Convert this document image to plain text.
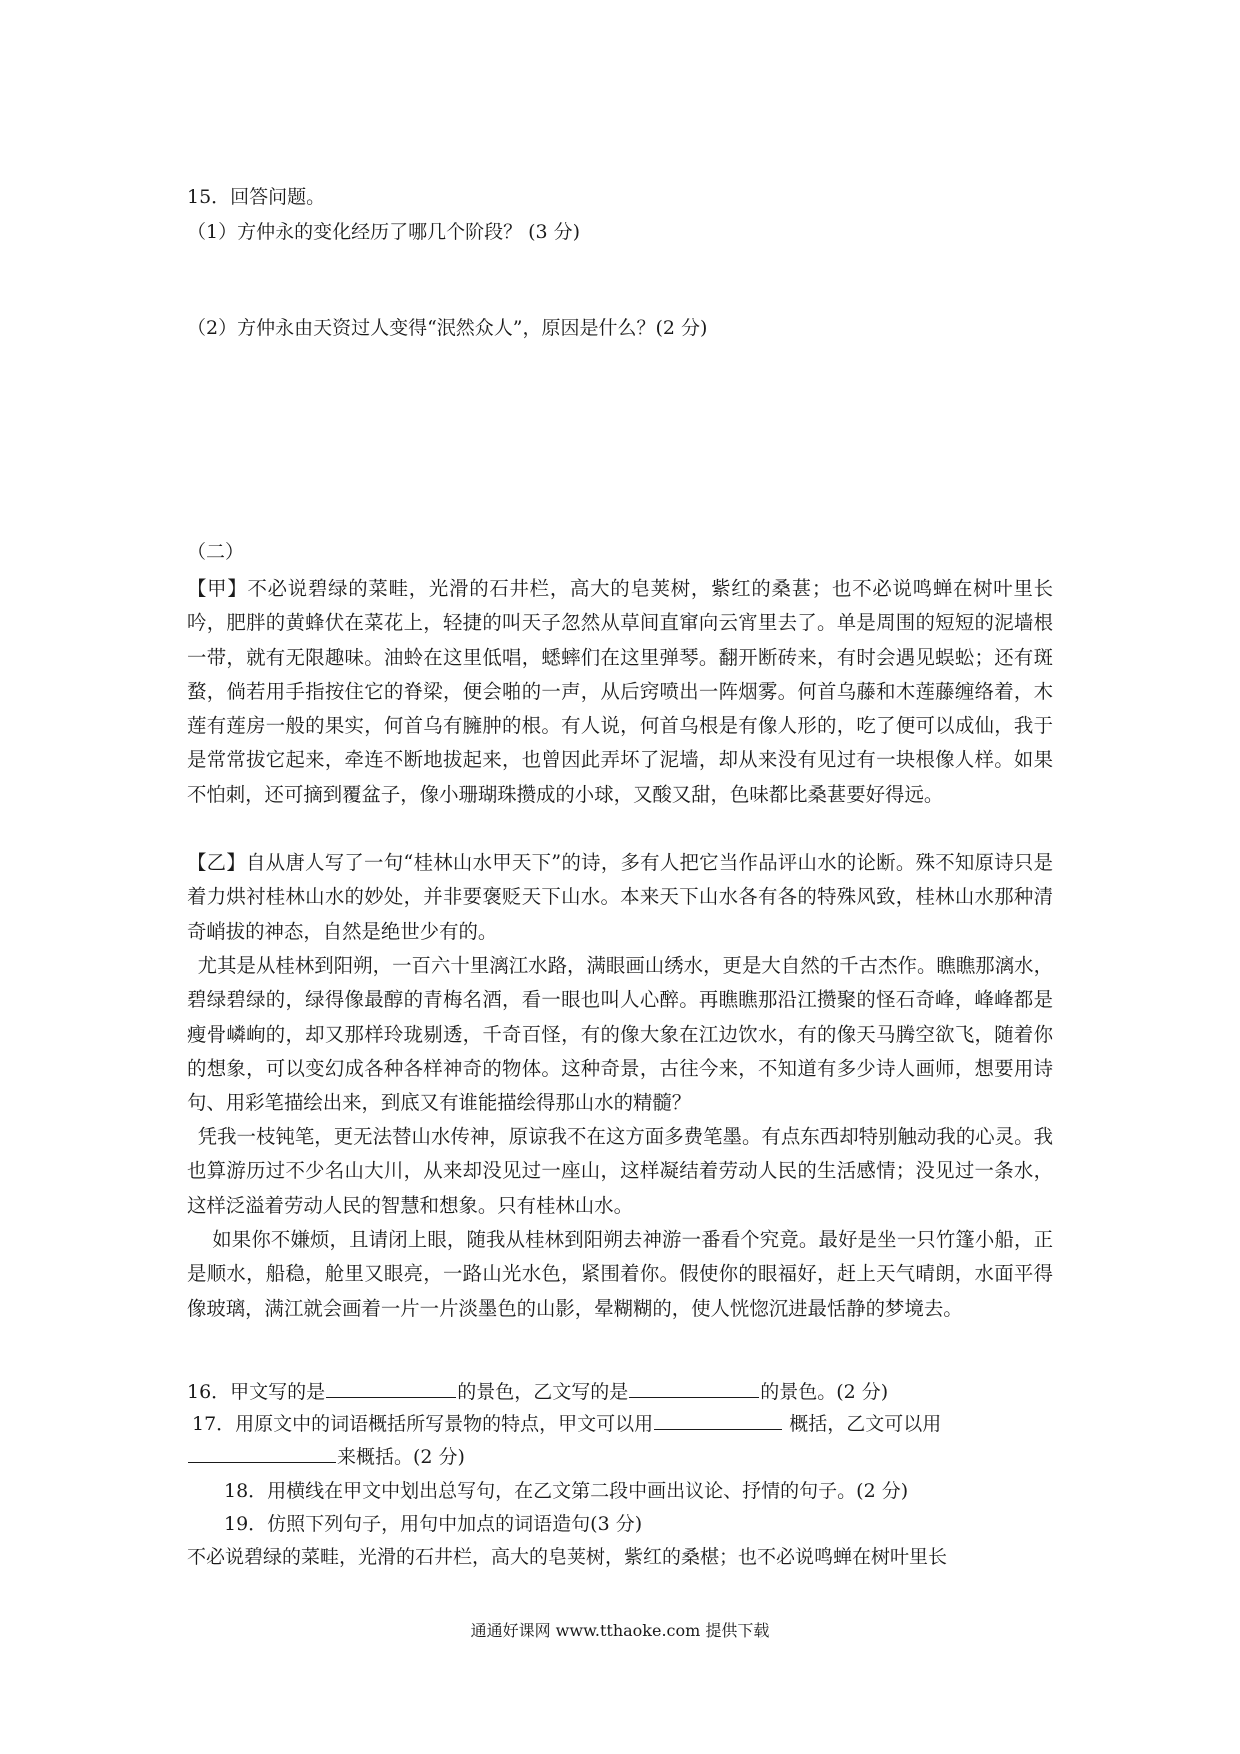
15．回答问题。
（1）方仲永的变化经历了哪几个阶段？ (3 分)
（2）方仲永由天资过人变得“泯然众人”，原因是什么？(2 分)
（二）
【甲】不必说碧绿的菜畦，光滑的石井栏，高大的皂荚树，紫红的桑葚；也不必说鸣蝉在树叶里长吟，肥胖的黄蜂伏在菜花上，轻捷的叫天子忽然从草间直窜向云宵里去了。单是周围的短短的泥墙根一带，就有无限趣味。油蛉在这里低唱，蟋蟀们在这里弹琴。翻开断砖来，有时会遇见蜈蚣；还有斑蝥，倘若用手指按住它的脊梁，便会啪的一声，从后窍喷出一阵烟雾。何首乌藤和木莲藤缠络着，木莲有莲房一般的果实，何首乌有臃肿的根。有人说，何首乌根是有像人形的，吃了便可以成仙，我于是常常拔它起来，牵连不断地拔起来，也曾因此弄坏了泥墙，却从来没有见过有一块根像人样。如果不怕刺，还可摘到覆盆子，像小珊瑚珠攒成的小球，又酸又甜，色味都比桑葚要好得远。
【乙】自从唐人写了一句“桂林山水甲天下”的诗，多有人把它当作品评山水的论断。殊不知原诗只是着力烘衬桂林山水的妙处，并非要褒贬天下山水。本来天下山水各有各的特殊风致，桂林山水那种清奇峭拔的神态，自然是绝世少有的。
尤其是从桂林到阳朔，一百六十里漓江水路，满眼画山绣水，更是大自然的千古杰作。瞧瞧那漓水，碧绿碧绿的，绿得像最醇的青梅名酒，看一眼也叫人心醉。再瞧瞧那沿江攒聚的怪石奇峰，峰峰都是瘦骨嶙峋的，却又那样玲珑剔透，千奇百怪，有的像大象在江边饮水，有的像天马腾空欲飞，随着你的想象，可以变幻成各种各样神奇的物体。这种奇景，古往今来，不知道有多少诗人画师，想要用诗句、用彩笔描绘出来，到底又有谁能描绘得那山水的精髓？
凭我一枝钝笔，更无法替山水传神，原谅我不在这方面多费笔墨。有点东西却特别触动我的心灵。我也算游历过不少名山大川，从来却没见过一座山，这样凝结着劳动人民的生活感情；没见过一条水，这样泛溢着劳动人民的智慧和想象。只有桂林山水。
如果你不嫌烦，且请闭上眼，随我从桂林到阳朔去神游一番看个究竟。最好是坐一只竹篷小船，正是顺水，船稳，舱里又眼亮，一路山光水色，紧围着你。假使你的眼福好，赶上天气晴朗，水面平得像玻璃，满江就会画着一片一片淡墨色的山影，晕糊糊的，使人恍惚沉进最恬静的梦境去。
16．甲文写的是	的景色，乙文写的是	的景色。(2 分)
17．用原文中的词语概括所写景物的特点，甲文可以用	概括，乙文可以用
来概括。(2 分)
18．用横线在甲文中划出总写句，在乙文第二段中画出议论、抒情的句子。(2 分)
19．仿照下列句子，用句中加点的词语造句(3 分)
不必说碧绿的菜畦，光滑的石井栏，高大的皂荚树，紫红的桑椹；也不必说鸣蝉在树叶里长
通通好课网 www.tthaoke.com 提供下载
